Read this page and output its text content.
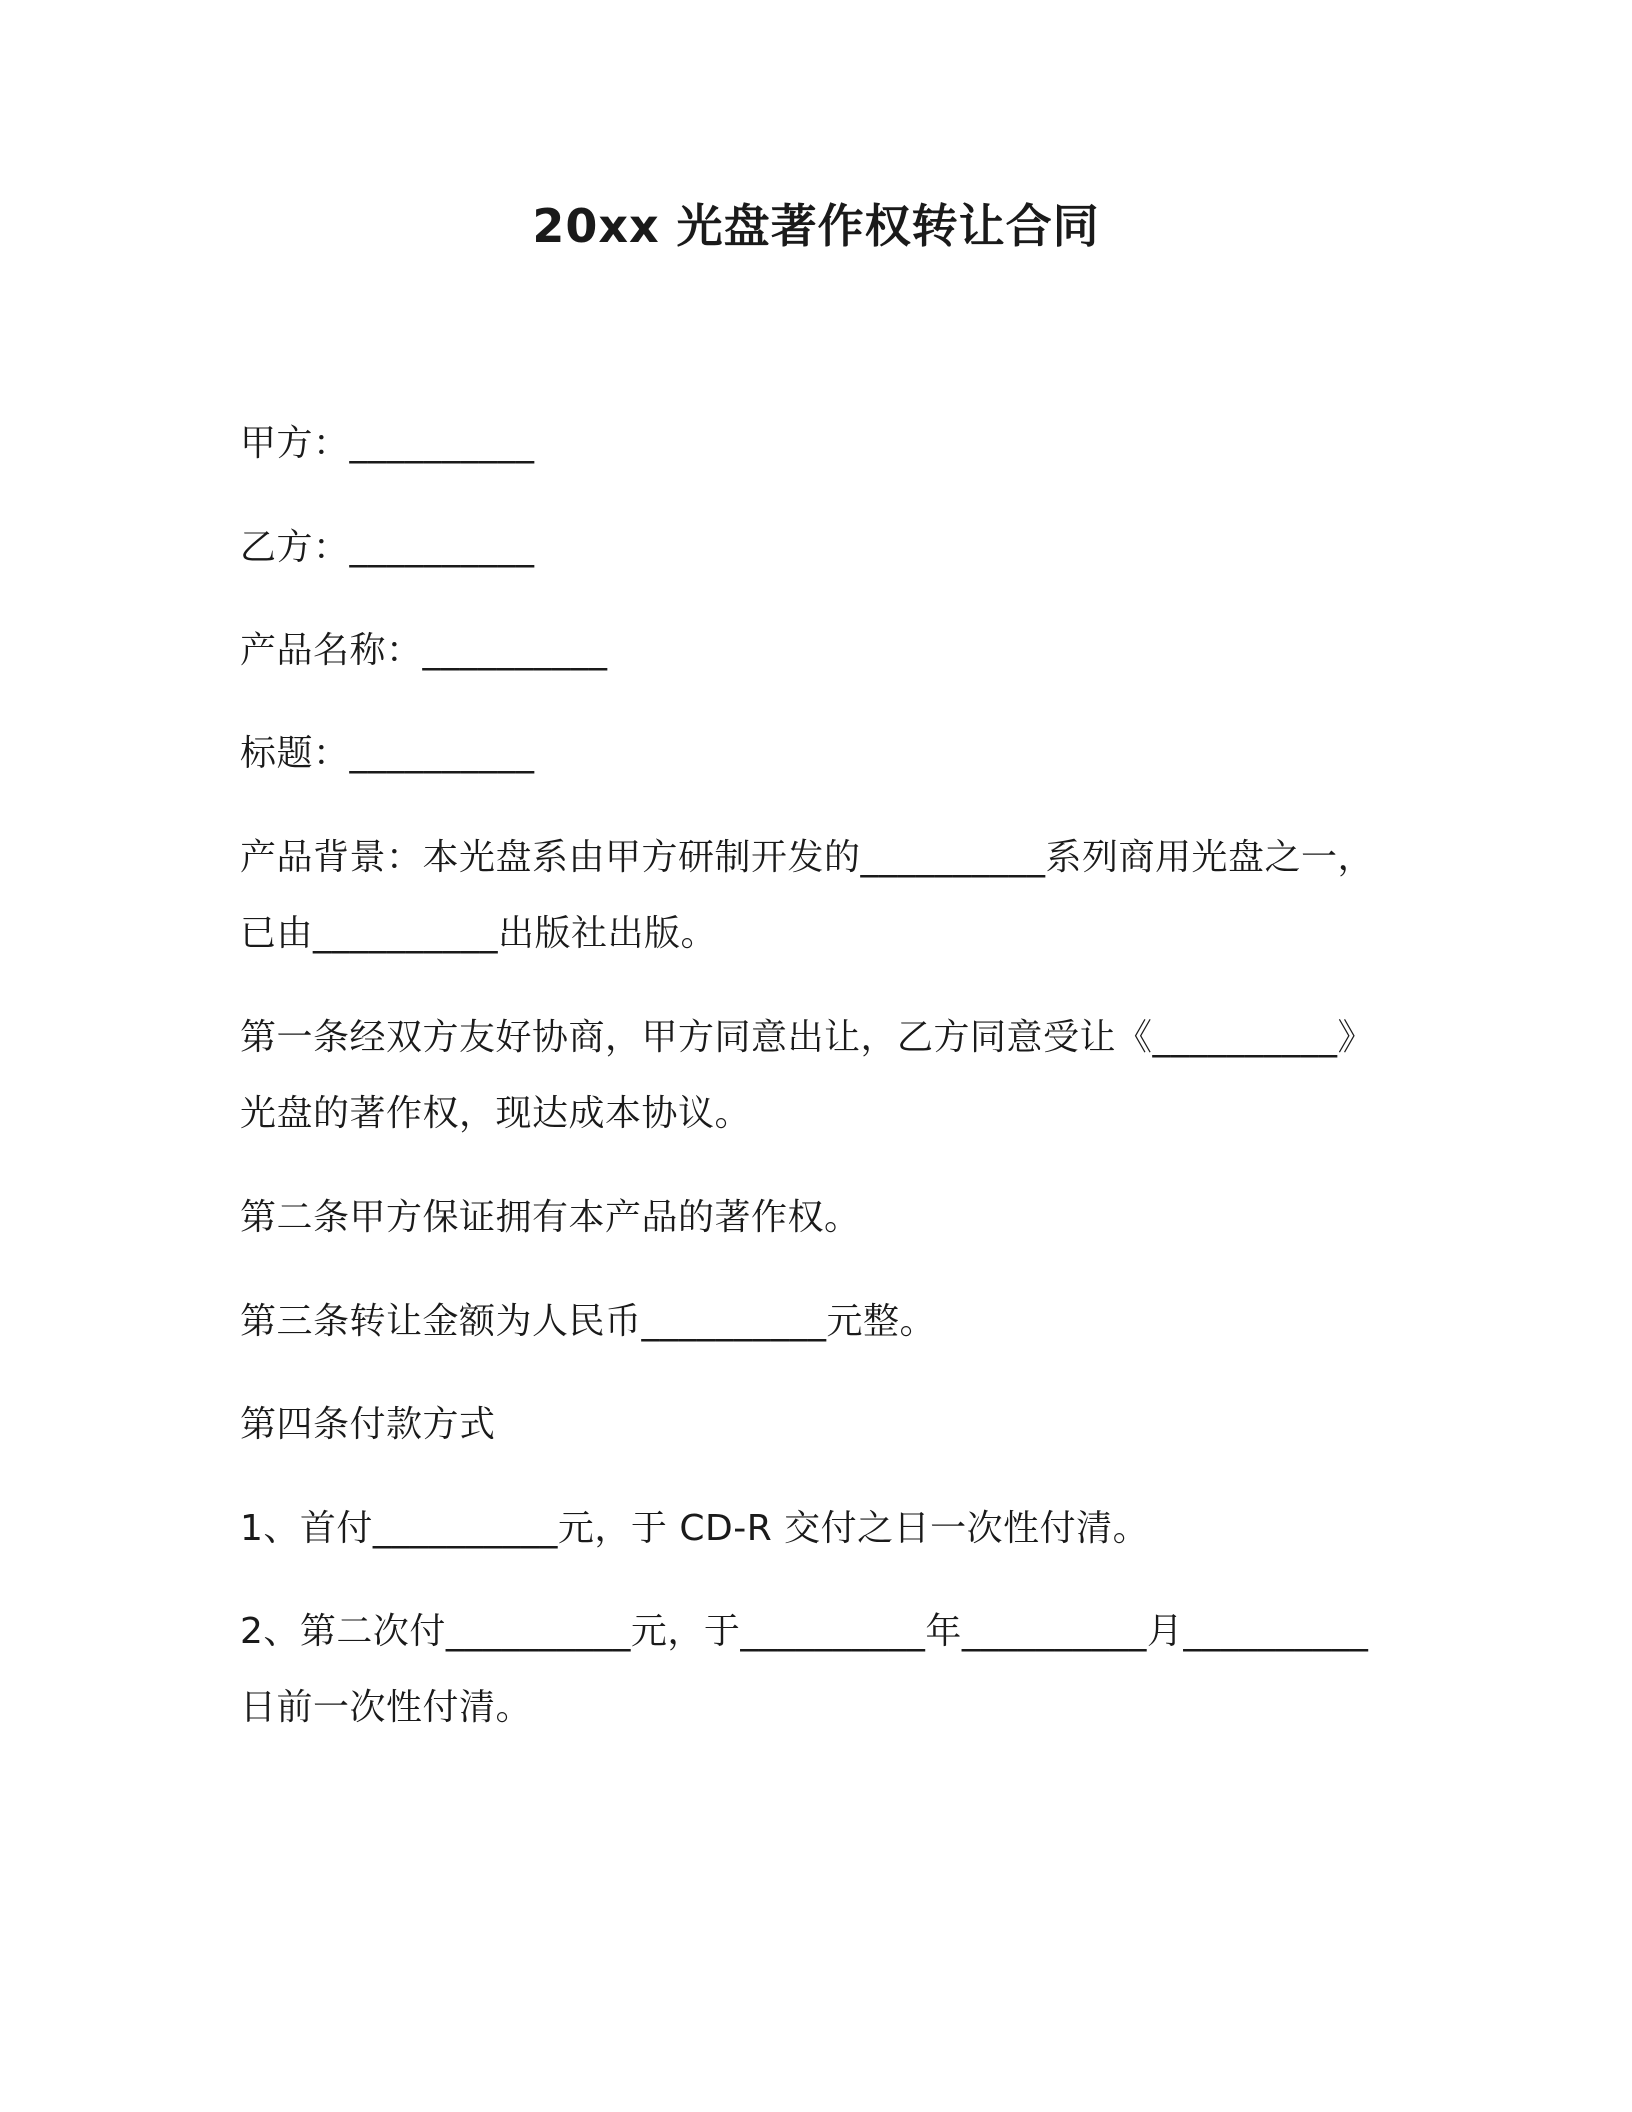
20xx 光盘著作权转让合同
甲方：__________
乙方：__________
产品名称：__________
标题：__________
产品背景：本光盘系由甲方研制开发的__________系列商用光盘之一，
已由__________出版社出版。
第一条经双方友好协商，甲方同意出让，乙方同意受让《__________》
光盘的著作权，现达成本协议。
第二条甲方保证拥有本产品的著作权。
第三条转让金额为人民币__________元整。
第四条付款方式
1、首付__________元，于 CD-R 交付之日一次性付清。
2、第二次付__________元，于__________年__________月__________
日前一次性付清。
